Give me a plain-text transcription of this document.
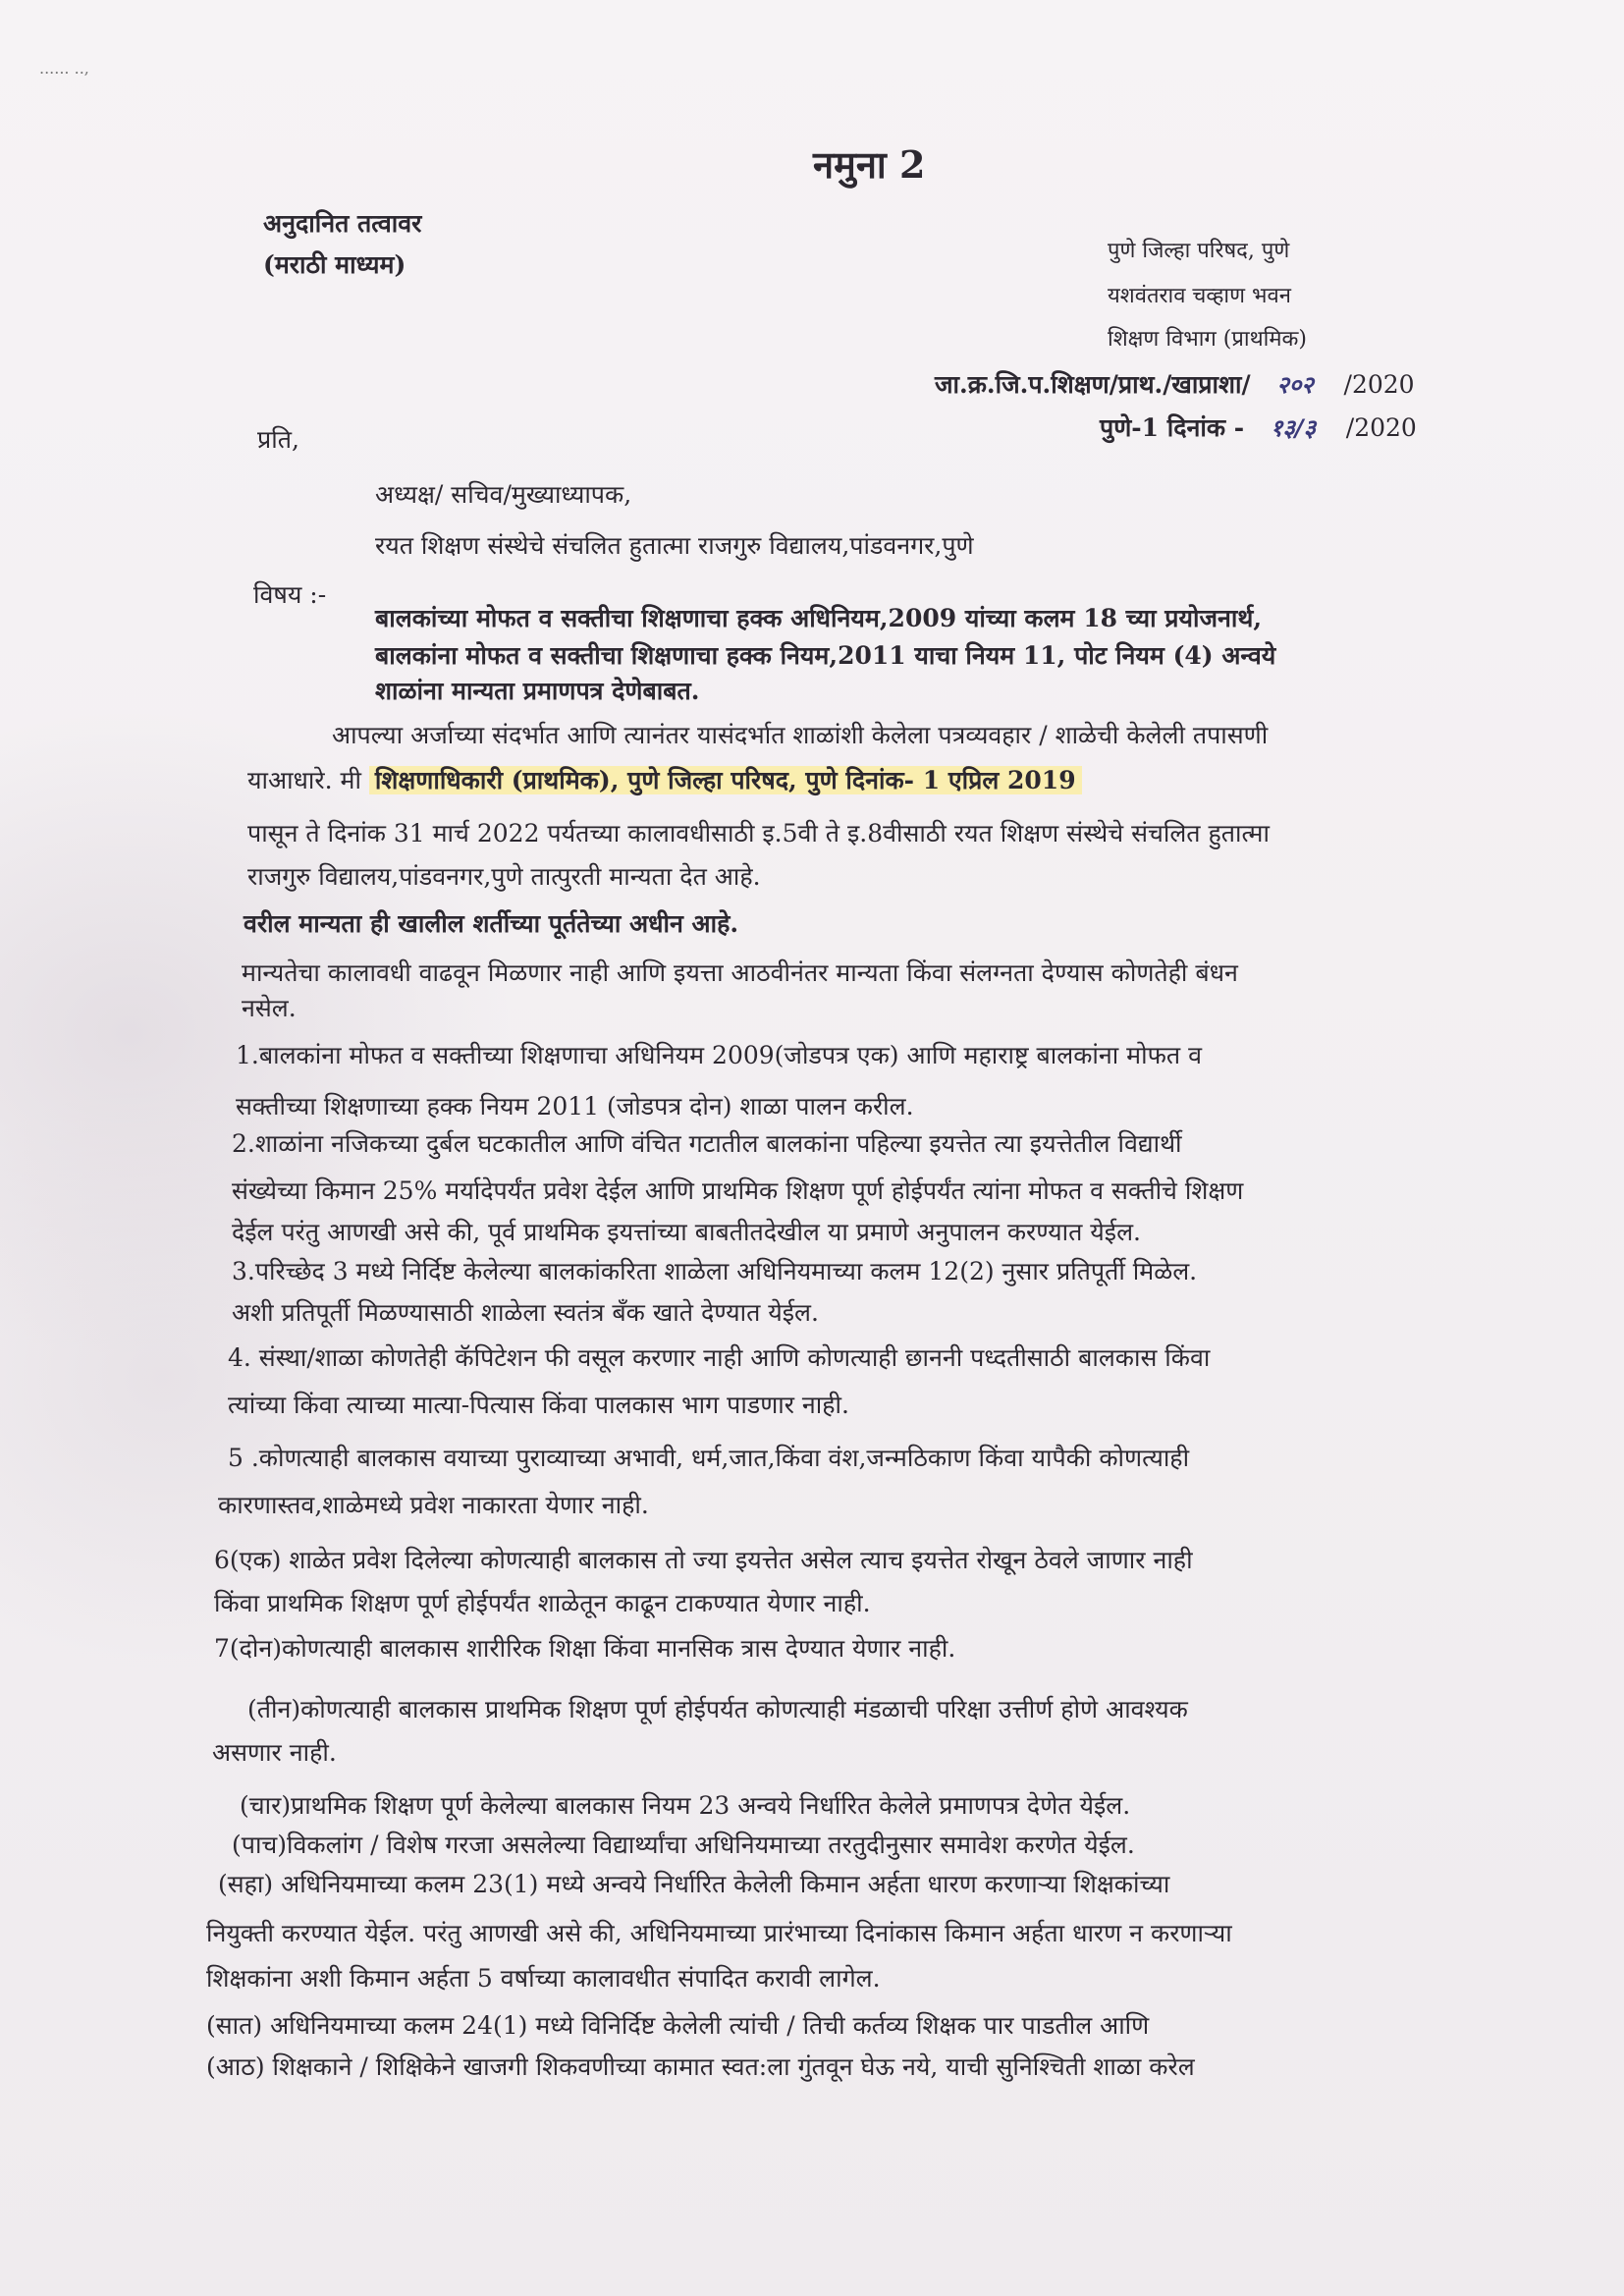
...... ..,
नमुना 2
अनुदानित तत्वावर
(मराठी माध्यम)	पुणे जिल्हा परिषद, पुणे
यशवंतराव चव्हाण भवन
शिक्षण विभाग (प्राथमिक)
जा.क्र.जि.प.शिक्षण/प्राथ./खाप्राशा/ २०२ /2020
पुणे-1 दिनांक - १३/३ /2020
प्रति,
अध्यक्ष/ सचिव/मुख्याध्यापक,
रयत शिक्षण संस्थेचे संचलित हुतात्मा राजगुरु विद्यालय,पांडवनगर,पुणे
विषय :-
बालकांच्या मोफत व सक्तीचा शिक्षणाचा हक्क अधिनियम,2009 यांच्या कलम 18 च्या प्रयोजनार्थ,
बालकांना मोफत व सक्तीचा शिक्षणाचा हक्क नियम,2011 याचा नियम 11, पोट नियम (4) अन्वये
शाळांना मान्यता प्रमाणपत्र देणेबाबत.
आपल्या अर्जाच्या संदर्भात आणि त्यानंतर यासंदर्भात शाळांशी केलेला पत्रव्यवहार / शाळेची केलेली तपासणी
याआधारे. मी शिक्षणाधिकारी (प्राथमिक), पुणे जिल्हा परिषद, पुणे दिनांक- 1 एप्रिल 2019
पासून ते दिनांक 31 मार्च 2022 पर्यतच्या कालावधीसाठी इ.5वी ते इ.8वीसाठी रयत शिक्षण संस्थेचे संचलित हुतात्मा
राजगुरु विद्यालय,पांडवनगर,पुणे तात्पुरती मान्यता देत आहे.
वरील मान्यता ही खालील शर्तीच्या पूर्ततेच्या अधीन आहे.
मान्यतेचा कालावधी वाढवून मिळणार नाही आणि इयत्ता आठवीनंतर मान्यता किंवा संलग्नता देण्यास कोणतेही बंधन
नसेल.
1.बालकांना मोफत व सक्तीच्या शिक्षणाचा अधिनियम 2009(जोडपत्र एक) आणि महाराष्ट्र बालकांना मोफत व
सक्तीच्या शिक्षणाच्या हक्क नियम 2011 (जोडपत्र दोन) शाळा पालन करील.
2.शाळांना नजिकच्या दुर्बल घटकातील आणि वंचित गटातील बालकांना पहिल्या इयत्तेत त्या इयत्तेतील विद्यार्थी
संख्येच्या किमान 25% मर्यादेपर्यंत प्रवेश देईल आणि प्राथमिक शिक्षण पूर्ण होईपर्यंत त्यांना मोफत व सक्तीचे शिक्षण
देईल परंतु आणखी असे की, पूर्व प्राथमिक इयत्तांच्या बाबतीतदेखील या प्रमाणे अनुपालन करण्यात येईल.
3.परिच्छेद 3 मध्ये निर्दिष्ट केलेल्या बालकांकरिता शाळेला अधिनियमाच्या कलम 12(2) नुसार प्रतिपूर्ती मिळेल.
अशी प्रतिपूर्ती मिळण्यासाठी शाळेला स्वतंत्र बँक खाते देण्यात येईल.
4. संस्था/शाळा कोणतेही कॅपिटेशन फी वसूल करणार नाही आणि कोणत्याही छाननी पध्दतीसाठी बालकास किंवा
त्यांच्या किंवा त्याच्या मात्या-पित्यास किंवा पालकास भाग पाडणार नाही.
5 .कोणत्याही बालकास वयाच्या पुराव्याच्या अभावी, धर्म,जात,किंवा वंश,जन्मठिकाण किंवा यापैकी कोणत्याही
कारणास्तव,शाळेमध्ये प्रवेश नाकारता येणार नाही.
6(एक) शाळेत प्रवेश दिलेल्या कोणत्याही बालकास तो ज्या इयत्तेत असेल त्याच इयत्तेत रोखून ठेवले जाणार नाही
किंवा प्राथमिक शिक्षण पूर्ण होईपर्यंत शाळेतून काढून टाकण्यात येणार नाही.
7(दोन)कोणत्याही बालकास शारीरिक शिक्षा किंवा मानसिक त्रास देण्यात येणार नाही.
(तीन)कोणत्याही बालकास प्राथमिक शिक्षण पूर्ण होईपर्यत कोणत्याही मंडळाची परिक्षा उत्तीर्ण होणे आवश्यक
असणार नाही.
(चार)प्राथमिक शिक्षण पूर्ण केलेल्या बालकास नियम 23 अन्वये निर्धारित केलेले प्रमाणपत्र देणेत येईल.
(पाच)विकलांग / विशेष गरजा असलेल्या विद्यार्थ्यांचा अधिनियमाच्या तरतुदीनुसार समावेश करणेत येईल.
(सहा) अधिनियमाच्या कलम 23(1) मध्ये अन्वये निर्धारित केलेली किमान अर्हता धारण करणाऱ्या शिक्षकांच्या
नियुक्ती करण्यात येईल. परंतु आणखी असे की, अधिनियमाच्या प्रारंभाच्या दिनांकास किमान अर्हता धारण न करणाऱ्या
शिक्षकांना अशी किमान अर्हता 5 वर्षाच्या कालावधीत संपादित करावी लागेल.
(सात) अधिनियमाच्या कलम 24(1) मध्ये विनिर्दिष्ट केलेली त्यांची / तिची कर्तव्य शिक्षक पार पाडतील आणि
(आठ) शिक्षकाने / शिक्षिकेने खाजगी शिकवणीच्या कामात स्वत:ला गुंतवून घेऊ नये, याची सुनिश्चिती शाळा करेल
